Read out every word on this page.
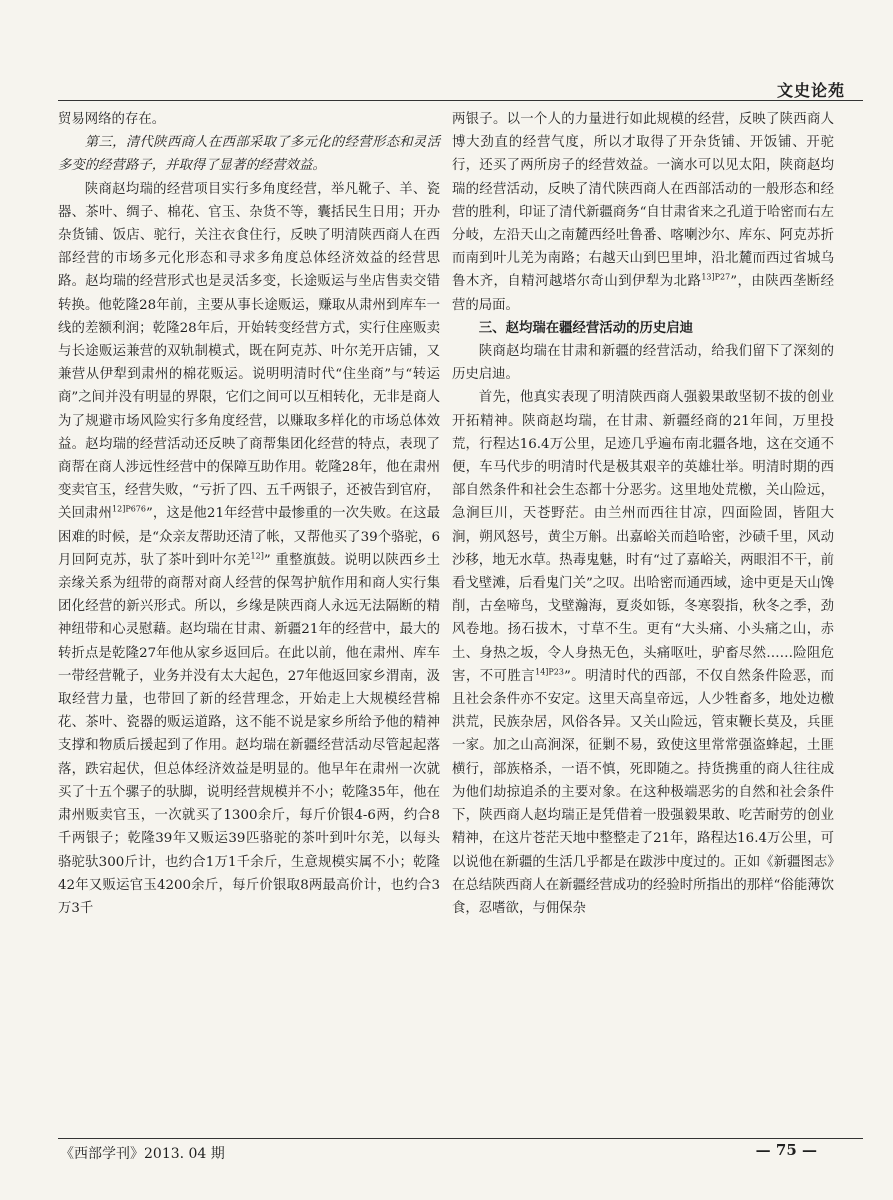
文史论苑

贸易网络的存在。

第三，清代陕西商人在西部采取了多元化的经营形态和灵活多变的经营路子，并取得了显著的经营效益。

陕商赵均瑞的经营项目实行多角度经营，举凡靴子、羊、瓷器、茶叶、绸子、棉花、官玉、杂货不等，囊括民生日用；开办杂货铺、饭店、驼行，关注衣食住行，反映了明清陕西商人在西部经营的市场多元化形态和寻求多角度总体经济效益的经营思路。赵均瑞的经营形式也是灵活多变，长途贩运与坐店售卖交错转换。他乾隆28年前，主要从事长途贩运，赚取从肃州到库车一线的差额利润；乾隆28年后，开始转变经营方式，实行住座贩卖与长途贩运兼营的双轨制模式，既在阿克苏、叶尔羌开店铺，又兼营从伊犁到肃州的棉花贩运。说明明清时代“住坐商”与“转运商”之间并没有明显的界限，它们之间可以互相转化，无非是商人为了规避市场风险实行多角度经营，以赚取多样化的市场总体效益。赵均瑞的经营活动还反映了商帮集团化经营的特点，表现了商帮在商人涉远性经营中的保障互助作用。乾隆28年，他在肃州变卖官玉，经营失败，“亏折了四、五千两银子，还被告到官府，关回肃州$^{12]P676}$”，这是他21年经营中最惨重的一次失败。在这最困难的时候，是“众亲友帮助还清了帐，又帮他买了39个骆驼，6月回阿克苏，驮了茶叶到叶尔羌$^{12]}$” 重整旗鼓。说明以陕西乡土亲缘关系为纽带的商帮对商人经营的保驾护航作用和商人实行集团化经营的新兴形式。所以，乡缘是陕西商人永远无法隔断的精神纽带和心灵慰藉。赵均瑞在甘肃、新疆21年的经营中，最大的转折点是乾隆27年他从家乡返回后。在此以前，他在肃州、库车一带经营靴子，业务并没有太大起色，27年他返回家乡渭南，汲取经营力量，也带回了新的经营理念，开始走上大规模经营棉花、茶叶、瓷器的贩运道路，这不能不说是家乡所给予他的精神支撑和物质后援起到了作用。赵均瑞在新疆经营活动尽管起起落落，跌宕起伏，但总体经济效益是明显的。他早年在肃州一次就买了十五个骡子的驮脚，说明经营规模并不小；乾隆35年，他在肃州贩卖官玉，一次就买了1300余斤，每斤价银4-6两，约合8千两银子；乾隆39年又贩运39匹骆驼的茶叶到叶尔羌，以每头骆驼驮300斤计，也约合1万1千余斤，生意规模实属不小；乾隆42年又贩运官玉4200余斤，每斤价银取8两最高价计，也约合3万3千

两银子。以一个人的力量进行如此规模的经营，反映了陕西商人博大劲直的经营气度，所以才取得了开杂货铺、开饭铺、开驼行，还买了两所房子的经营效益。一滴水可以见太阳，陕商赵均瑞的经营活动，反映了清代陕西商人在西部活动的一般形态和经营的胜利，印证了清代新疆商务“自甘肃省来之孔道于哈密而右左分岐，左沿天山之南麓西经吐鲁番、喀喇沙尔、库东、阿克苏折而南到叶儿羌为南路；右越天山到巴里坤，沿北麓而西过省城乌鲁木齐，自精河越塔尔奇山到伊犁为北路$^{13]P27}$”，由陕西垄断经营的局面。

三、赵均瑞在疆经营活动的历史启迪

陕商赵均瑞在甘肃和新疆的经营活动，给我们留下了深刻的历史启迪。

首先，他真实表现了明清陕西商人强毅果敢坚韧不拔的创业开拓精神。陕商赵均瑞，在甘肃、新疆经商的21年间，万里投荒，行程达16.4万公里，足迹几乎遍布南北疆各地，这在交通不便，车马代步的明清时代是极其艰辛的英雄壮举。明清时期的西部自然条件和社会生态都十分恶劣。这里地处荒檄，关山险远，急涧巨川，天苍野茫。由兰州而西往甘凉，四面险固，皆阻大涧，朔风怒号，黄尘万斛。出嘉峪关而趋哈密，沙碛千里，风动沙移，地无水草。热毒鬼魅，时有“过了嘉峪关，两眼泪不干，前看戈壁滩，后看鬼门关”之叹。出哈密而通西域，途中更是天山馋削，古垒啼鸟，戈壁瀚海，夏炎如铄，冬寒裂指，秋冬之季，劲风卷地。扬石拔木，寸草不生。更有“大头痛、小头痛之山，赤土、身热之坂，令人身热无色，头痛呕吐，驴畜尽然……险阻危害，不可胜言$^{14]P23}$”。明清时代的西部，不仅自然条件险恶，而且社会条件亦不安定。这里天高皇帝远，人少牲畜多，地处边檄洪荒，民族杂居，风俗各异。又关山险远，管束鞭长莫及，兵匪一家。加之山高涧深，征剿不易，致使这里常常强盗蜂起，土匪横行，部族格杀，一语不慎，死即随之。持货携重的商人往往成为他们劫掠追杀的主要对象。在这种极端恶劣的自然和社会条件下，陕西商人赵均瑞正是凭借着一股强毅果敢、吃苦耐劳的创业精神，在这片苍茫天地中整整走了21年，路程达16.4万公里，可以说他在新疆的生活几乎都是在跋涉中度过的。正如《新疆图志》在总结陕西商人在新疆经营成功的经验时所指出的那样“俗能薄饮食，忍嗜欲，与佣保杂

《西部学刊》2013. 04 期	— 75 —
